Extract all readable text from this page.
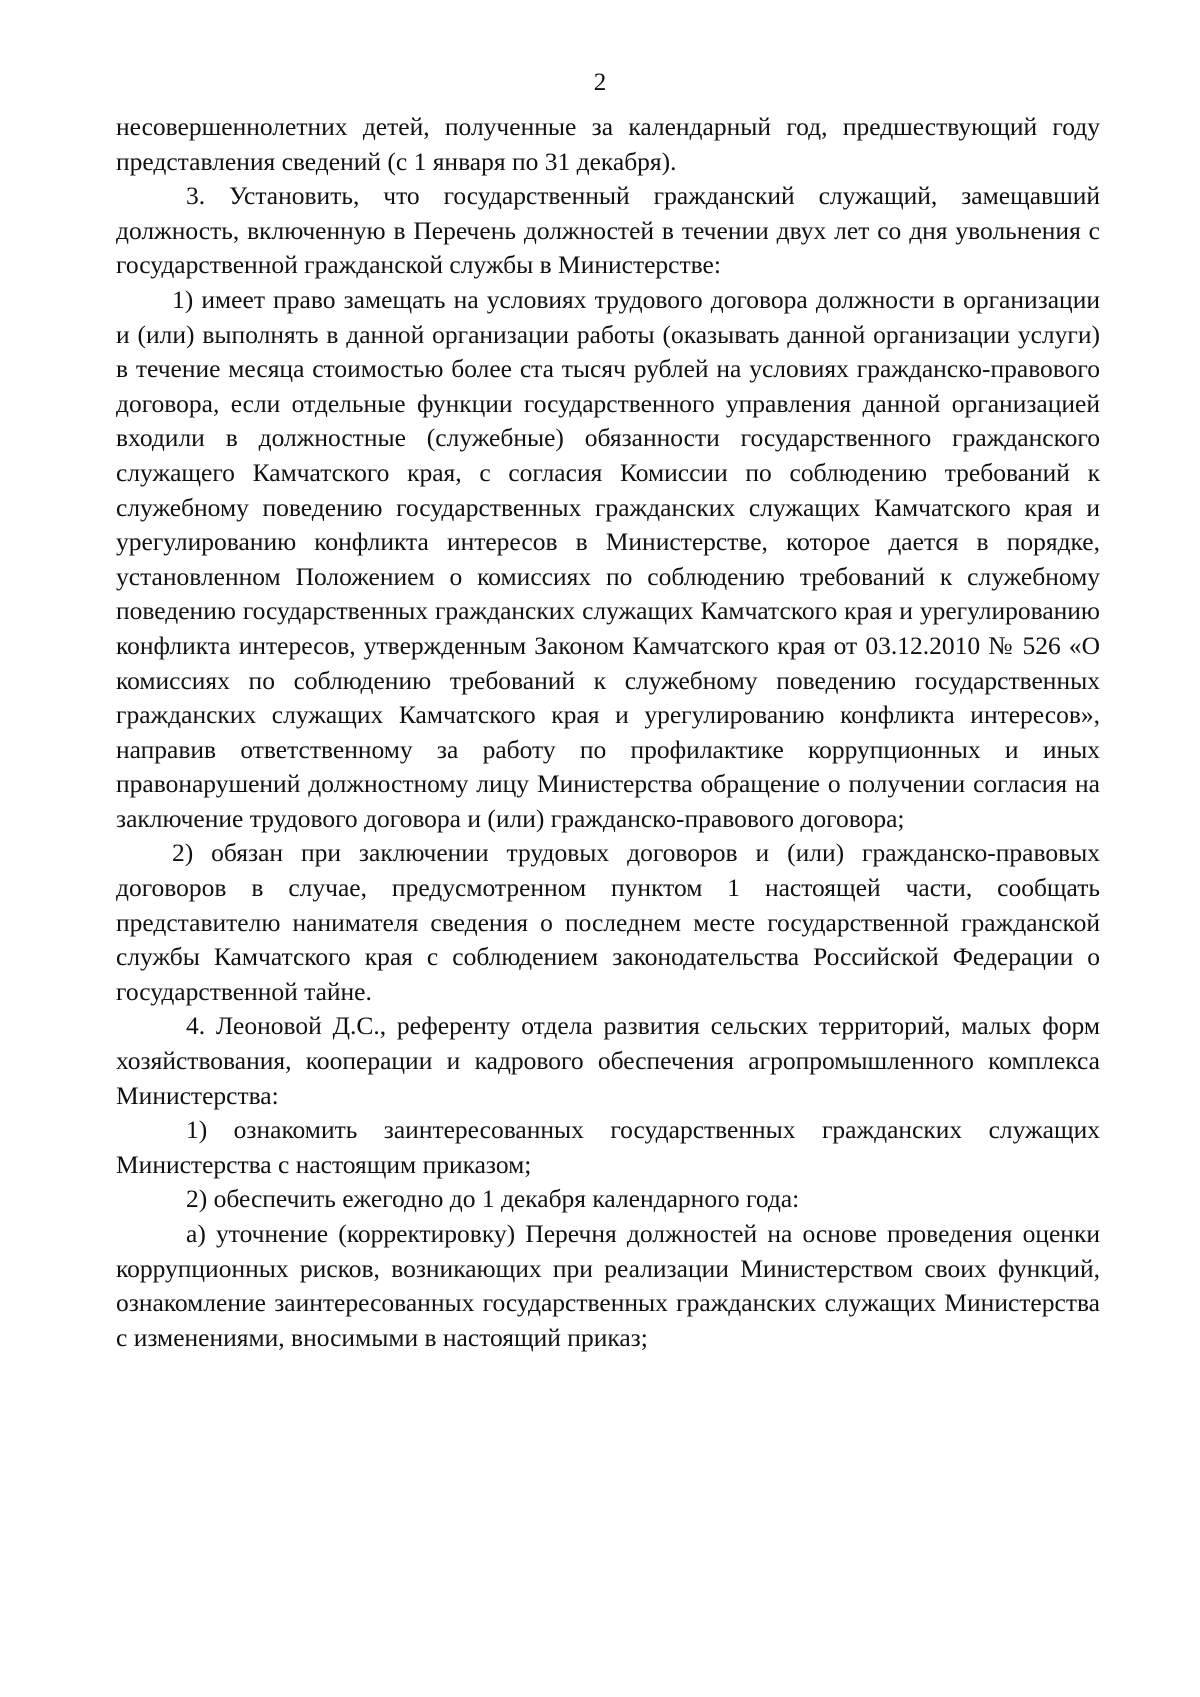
2

несовершеннолетних детей, полученные за календарный год, предшествующий году представления сведений (с 1 января по 31 декабря).

3. Установить, что государственный гражданский служащий, замещавший должность, включенную в Перечень должностей в течении двух лет со дня увольнения с государственной гражданской службы в Министерстве:

1) имеет право замещать на условиях трудового договора должности в организации и (или) выполнять в данной организации работы (оказывать данной организации услуги) в течение месяца стоимостью более ста тысяч рублей на условиях гражданско-правового договора, если отдельные функции государственного управления данной организацией входили в должностные (служебные) обязанности государственного гражданского служащего Камчатского края, с согласия Комиссии по соблюдению требований к служебному поведению государственных гражданских служащих Камчатского края и урегулированию конфликта интересов в Министерстве, которое дается в порядке, установленном Положением о комиссиях по соблюдению требований к служебному поведению государственных гражданских служащих Камчатского края и урегулированию конфликта интересов, утвержденным Законом Камчатского края от 03.12.2010 № 526 «О комиссиях по соблюдению требований к служебному поведению государственных гражданских служащих Камчатского края и урегулированию конфликта интересов», направив ответственному за работу по профилактике коррупционных и иных правонарушений должностному лицу Министерства обращение о получении согласия на заключение трудового договора и (или) гражданско-правового договора;

2) обязан при заключении трудовых договоров и (или) гражданско-правовых договоров в случае, предусмотренном пунктом 1 настоящей части, сообщать представителю нанимателя сведения о последнем месте государственной гражданской службы Камчатского края с соблюдением законодательства Российской Федерации о государственной тайне.

4. Леоновой Д.С., референту отдела развития сельских территорий, малых форм хозяйствования, кооперации и кадрового обеспечения агропромышленного комплекса Министерства:

1) ознакомить заинтересованных государственных гражданских служащих Министерства с настоящим приказом;

2) обеспечить ежегодно до 1 декабря календарного года:

а) уточнение (корректировку) Перечня должностей на основе проведения оценки коррупционных рисков, возникающих при реализации Министерством своих функций, ознакомление заинтересованных государственных гражданских служащих Министерства с изменениями, вносимыми в настоящий приказ;
